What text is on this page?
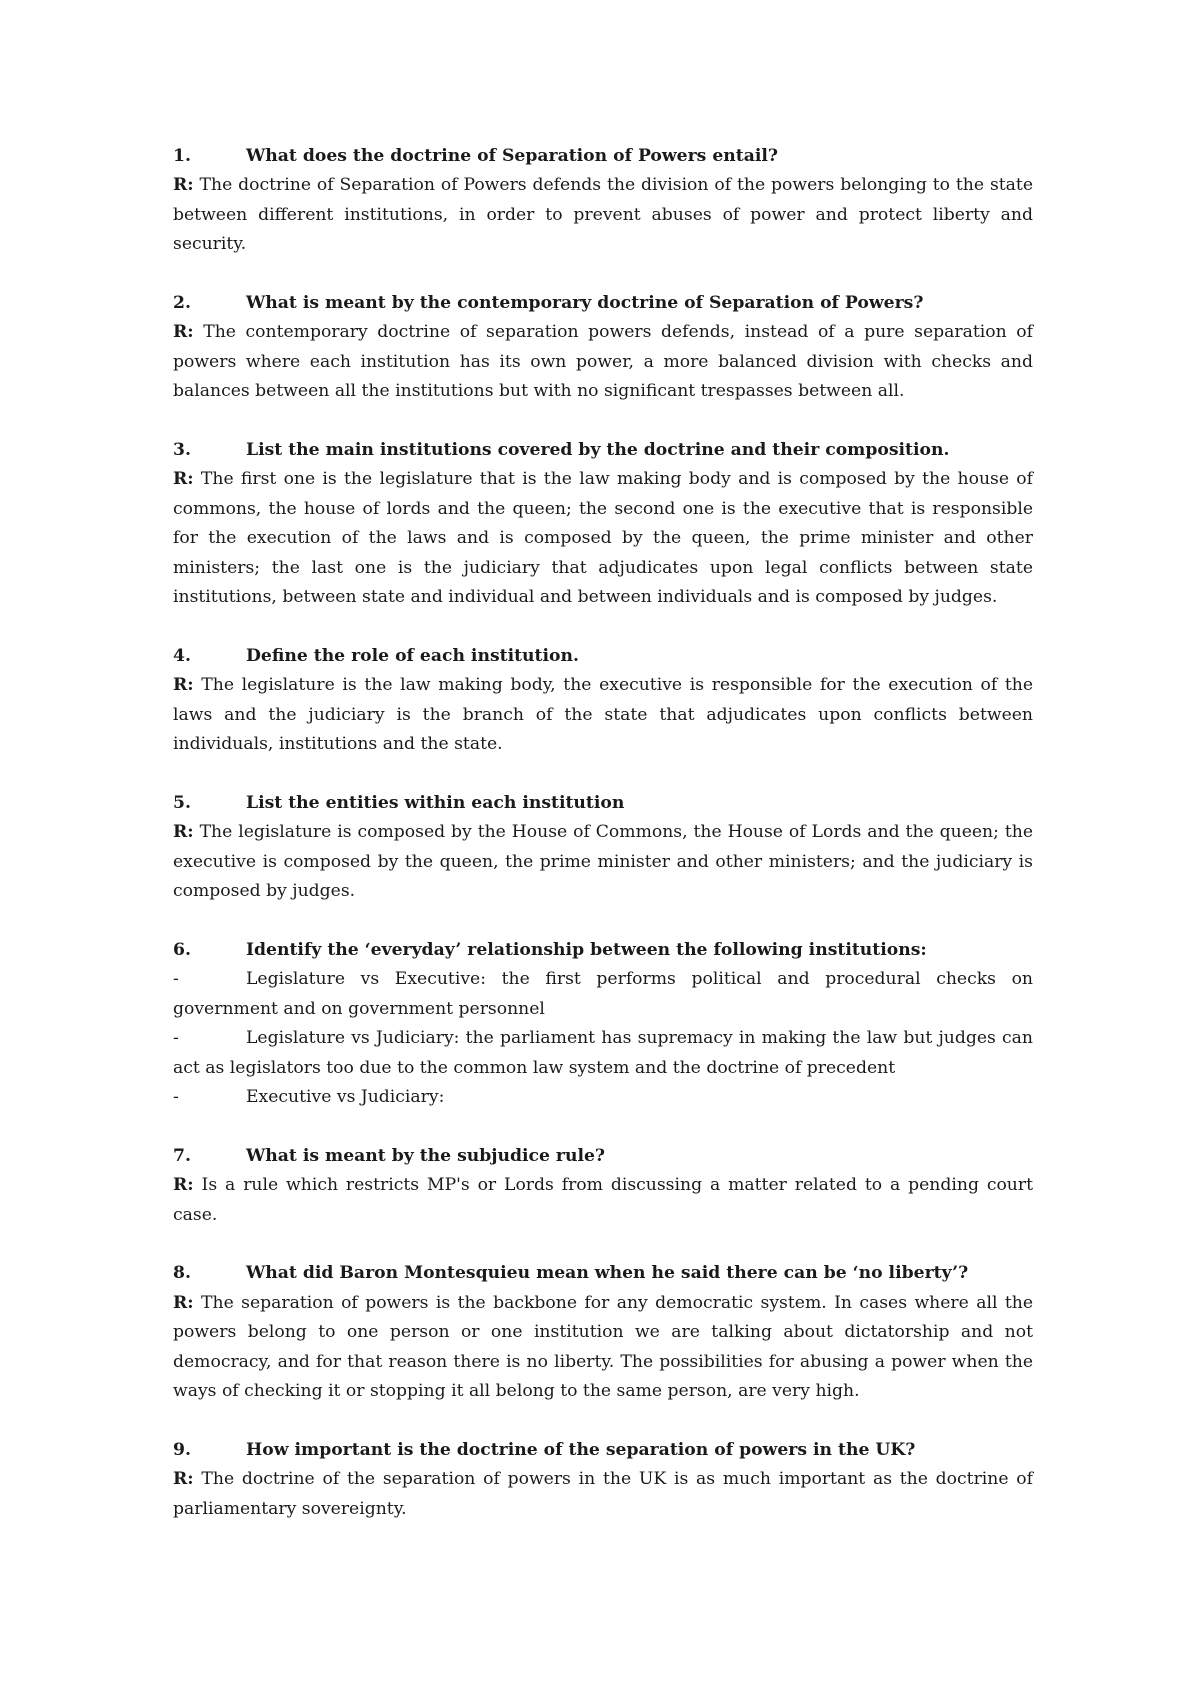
1.	What does the doctrine of Separation of Powers entail?

R: The doctrine of Separation of Powers defends the division of the powers belonging to the state between different institutions, in order to prevent abuses of power and protect liberty and security.

2.	What is meant by the contemporary doctrine of Separation of Powers?

R: The contemporary doctrine of separation powers defends, instead of a pure separation of powers where each institution has its own power, a more balanced division with checks and balances between all the institutions but with no significant trespasses between all.

3.	List the main institutions covered by the doctrine and their composition.

R: The first one is the legislature that is the law making body and is composed by the house of commons, the house of lords and the queen; the second one is the executive that is responsible for the execution of the laws and is composed by the queen, the prime minister and other ministers; the last one is the judiciary that adjudicates upon legal conflicts between state institutions, between state and individual and between individuals and is composed by judges.

4.	Define the role of each institution.

R: The legislature is the law making body, the executive is responsible for the execution of the laws and the judiciary is the branch of the state that adjudicates upon conflicts between individuals, institutions and the state.

5.	List the entities within each institution

R: The legislature is composed by the House of Commons, the House of Lords and the queen; the executive is composed by the queen, the prime minister and other ministers; and the judiciary is composed by judges.

6.	Identify the ‘everyday’ relationship between the following institutions:

-	Legislature vs Executive: the first performs political and procedural checks on government and on government personnel

-	Legislature vs Judiciary: the parliament has supremacy in making the law but judges can act as legislators too due to the common law system and the doctrine of precedent

-	Executive vs Judiciary:

7.	What is meant by the subjudice rule?

R: Is a rule which restricts MP's or Lords from discussing a matter related to a pending court case.

8.	What did Baron Montesquieu mean when he said there can be ‘no liberty’?

R: The separation of powers is the backbone for any democratic system. In cases where all the powers belong to one person or one institution we are talking about dictatorship and not democracy, and for that reason there is no liberty. The possibilities for abusing a power when the ways of checking it or stopping it all belong to the same person, are very high.

9.	How important is the doctrine of the separation of powers in the UK?

R: The doctrine of the separation of powers in the UK is as much important as the doctrine of parliamentary sovereignty.
